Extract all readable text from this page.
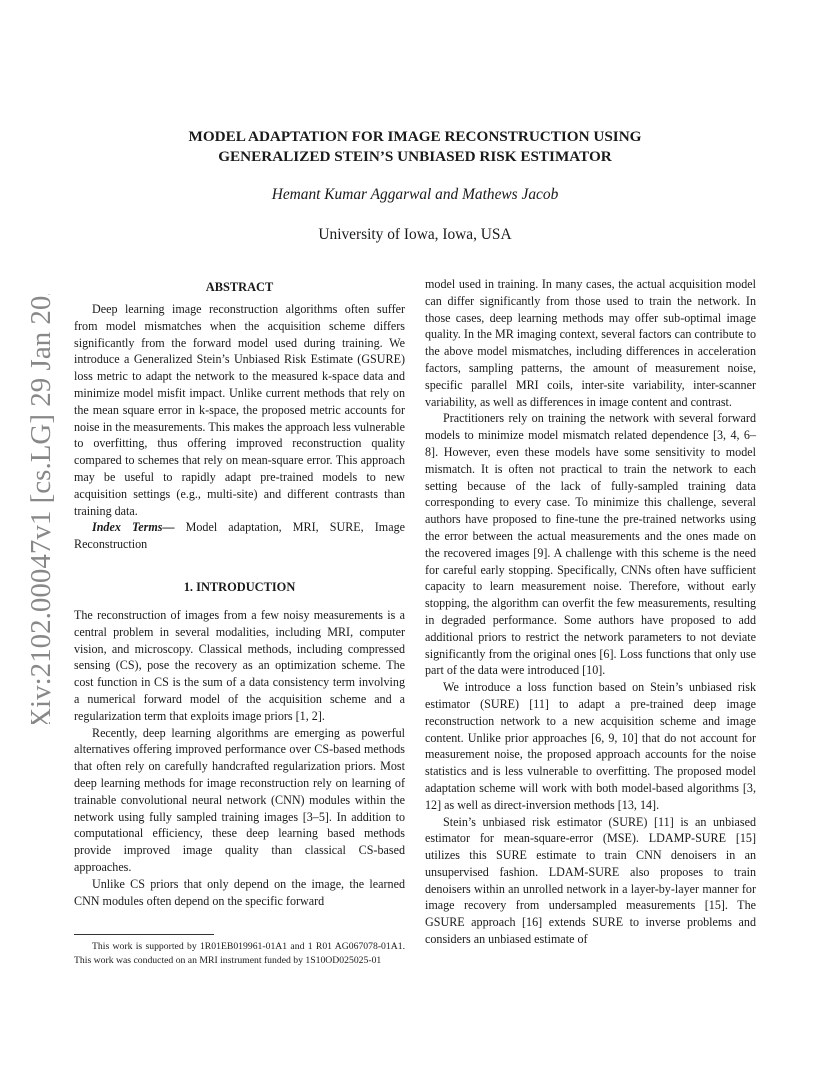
arXiv:2102.00047v1 [cs.LG] 29 Jan 2021
MODEL ADAPTATION FOR IMAGE RECONSTRUCTION USING
GENERALIZED STEIN’S UNBIASED RISK ESTIMATOR
Hemant Kumar Aggarwal and Mathews Jacob
University of Iowa, Iowa, USA
ABSTRACT

Deep learning image reconstruction algorithms often suffer from model mismatches when the acquisition scheme differs significantly from the forward model used during training. We introduce a Generalized Stein’s Unbiased Risk Estimate (GSURE) loss metric to adapt the network to the measured k-space data and minimize model misfit impact. Unlike current methods that rely on the mean square error in k-space, the proposed metric accounts for noise in the measurements. This makes the approach less vulnerable to overfitting, thus offering improved reconstruction quality compared to schemes that rely on mean-square error. This approach may be useful to rapidly adapt pre-trained models to new acquisition settings (e.g., multi-site) and different contrasts than training data.

Index Terms— Model adaptation, MRI, SURE, Image Reconstruction

1. INTRODUCTION

The reconstruction of images from a few noisy measurements is a central problem in several modalities, including MRI, computer vision, and microscopy. Classical methods, including compressed sensing (CS), pose the recovery as an optimization scheme. The cost function in CS is the sum of a data consistency term involving a numerical forward model of the acquisition scheme and a regularization term that exploits image priors [1, 2].

Recently, deep learning algorithms are emerging as powerful alternatives offering improved performance over CS-based methods that often rely on carefully handcrafted regularization priors. Most deep learning methods for image reconstruction rely on learning of trainable convolutional neural network (CNN) modules within the network using fully sampled training images [3–5]. In addition to computational efficiency, these deep learning based methods provide improved image quality than classical CS-based approaches.

Unlike CS priors that only depend on the image, the learned CNN modules often depend on the specific forward

This work is supported by 1R01EB019961-01A1 and 1 R01 AG067078-01A1. This work was conducted on an MRI instrument funded by 1S10OD025025-01

model used in training. In many cases, the actual acquisition model can differ significantly from those used to train the network. In those cases, deep learning methods may offer sub-optimal image quality. In the MR imaging context, several factors can contribute to the above model mismatches, including differences in acceleration factors, sampling patterns, the amount of measurement noise, specific parallel MRI coils, inter-site variability, inter-scanner variability, as well as differences in image content and contrast.

Practitioners rely on training the network with several forward models to minimize model mismatch related dependence [3, 4, 6–8]. However, even these models have some sensitivity to model mismatch. It is often not practical to train the network to each setting because of the lack of fully-sampled training data corresponding to every case. To minimize this challenge, several authors have proposed to fine-tune the pre-trained networks using the error between the actual measurements and the ones made on the recovered images [9]. A challenge with this scheme is the need for careful early stopping. Specifically, CNNs often have sufficient capacity to learn measurement noise. Therefore, without early stopping, the algorithm can overfit the few measurements, resulting in degraded performance. Some authors have proposed to add additional priors to restrict the network parameters to not deviate significantly from the original ones [6]. Loss functions that only use part of the data were introduced [10].

We introduce a loss function based on Stein’s unbiased risk estimator (SURE) [11] to adapt a pre-trained deep image reconstruction network to a new acquisition scheme and image content. Unlike prior approaches [6, 9, 10] that do not account for measurement noise, the proposed approach accounts for the noise statistics and is less vulnerable to overfitting. The proposed model adaptation scheme will work with both model-based algorithms [3, 12] as well as direct-inversion methods [13, 14].

Stein’s unbiased risk estimator (SURE) [11] is an unbiased estimator for mean-square-error (MSE). LDAMP-SURE [15] utilizes this SURE estimate to train CNN denoisers in an unsupervised fashion. LDAM-SURE also proposes to train denoisers within an unrolled network in a layer-by-layer manner for image recovery from undersampled measurements [15]. The GSURE approach [16] extends SURE to inverse problems and considers an unbiased estimate of
